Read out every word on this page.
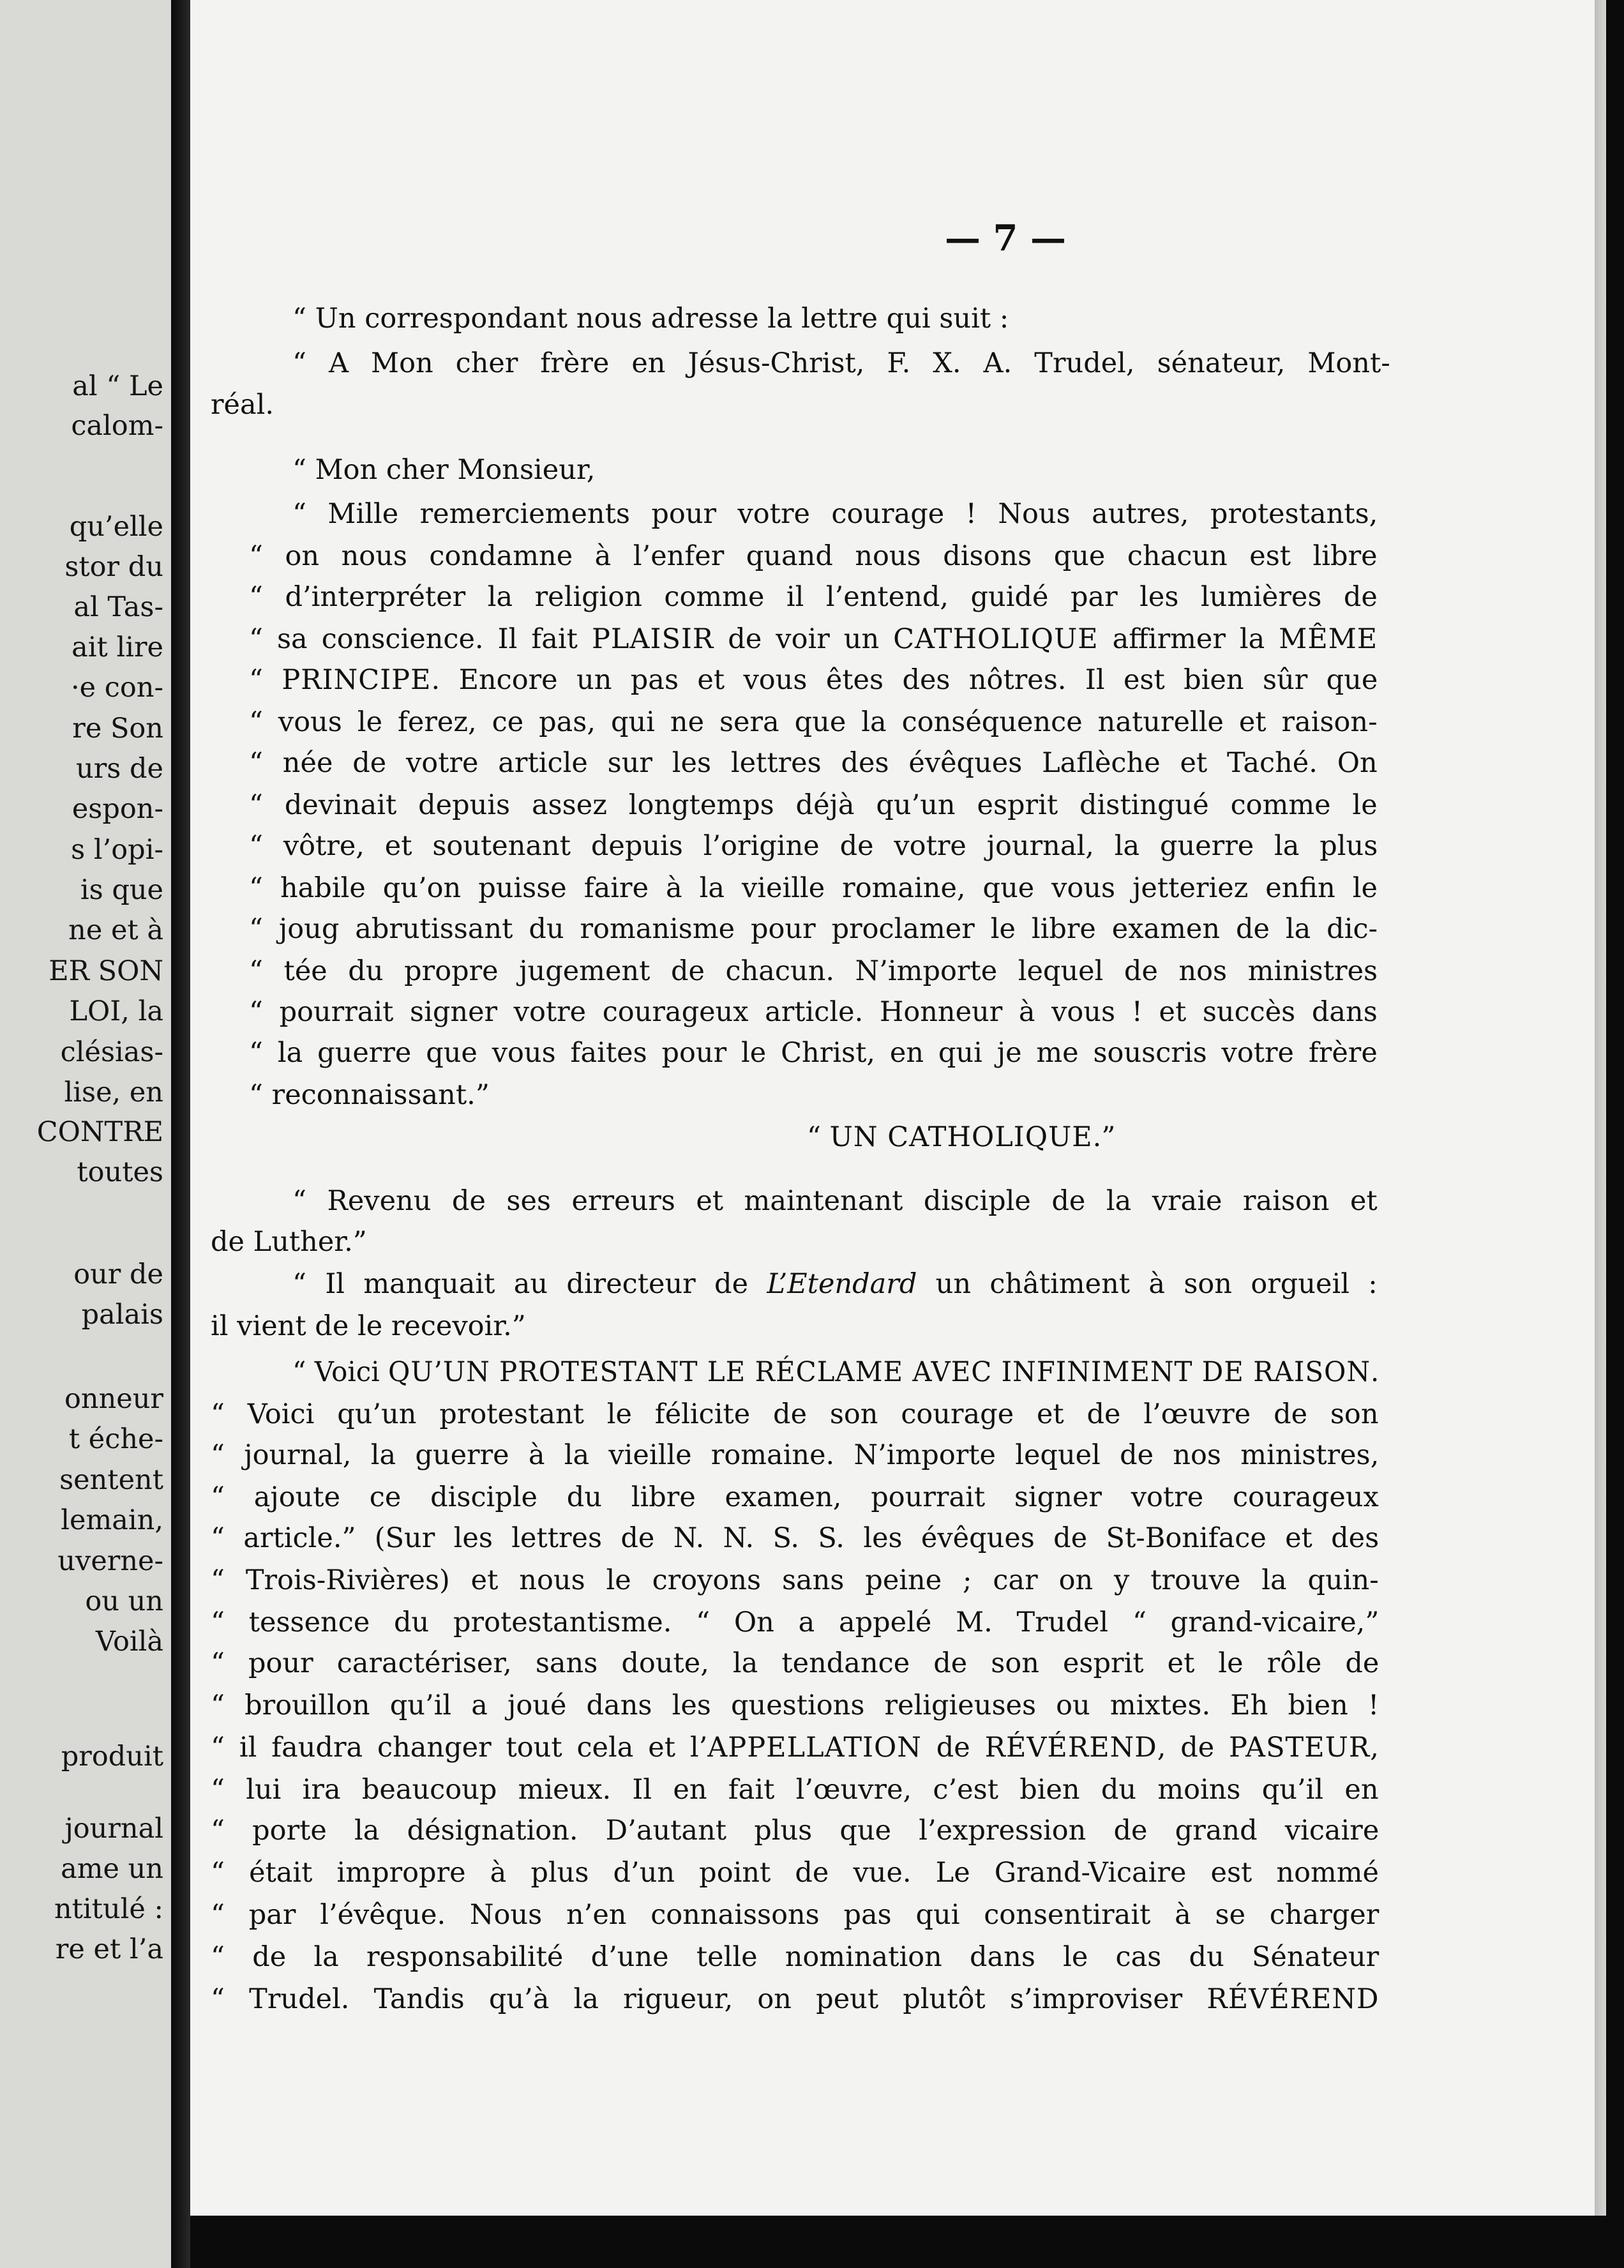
al “ Le
calom-
qu’elle
stor du
al Tas-
ait lire
·e con-
re Son
urs de
espon-
s l’opi-
is que
ne et à
ER SON
LOI, la
clésias-
lise, en
CONTRE
toutes
our de
palais
onneur
t éche-
sentent
lemain,
uverne-
ou un
Voilà
produit
journal
ame un
ntitulé :
re et l’a
— 7 —
“ Un correspondant nous adresse la lettre qui suit :
“ A Mon cher frère en Jésus-Christ, F. X. A. Trudel, sénateur, Mont-
réal.
“ Mon cher Monsieur,
“ Mille remerciements pour votre courage ! Nous autres, protestants,
“ on nous condamne à l’enfer quand nous disons que chacun est libre
“ d’interpréter la religion comme il l’entend, guidé par les lumières de
“ sa conscience. Il fait PLAISIR de voir un CATHOLIQUE affirmer la MÊME
“ PRINCIPE. Encore un pas et vous êtes des nôtres. Il est bien sûr que
“ vous le ferez, ce pas, qui ne sera que la conséquence naturelle et raison-
“ née de votre article sur les lettres des évêques Laflèche et Taché. On
“ devinait depuis assez longtemps déjà qu’un esprit distingué comme le
“ vôtre, et soutenant depuis l’origine de votre journal, la guerre la plus
“ habile qu’on puisse faire à la vieille romaine, que vous jetteriez enfin le
“ joug abrutissant du romanisme pour proclamer le libre examen de la dic-
“ tée du propre jugement de chacun. N’importe lequel de nos ministres
“ pourrait signer votre courageux article. Honneur à vous ! et succès dans
“ la guerre que vous faites pour le Christ, en qui je me souscris votre frère
“ reconnaissant.”
“ UN CATHOLIQUE.”
“ Revenu de ses erreurs et maintenant disciple de la vraie raison et
de Luther.”
“ Il manquait au directeur de L’Etendard un châtiment à son orgueil :
il vient de le recevoir.”
“ Voici QU’UN PROTESTANT LE RÉCLAME AVEC INFINIMENT DE RAISON.
“ Voici qu’un protestant le félicite de son courage et de l’œuvre de son
“ journal, la guerre à la vieille romaine. N’importe lequel de nos ministres,
“ ajoute ce disciple du libre examen, pourrait signer votre courageux
“ article.” (Sur les lettres de N. N. S. S. les évêques de St-Boniface et des
“ Trois-Rivières) et nous le croyons sans peine ; car on y trouve la quin-
“ tessence du protestantisme. “ On a appelé M. Trudel “ grand-vicaire,”
“ pour caractériser, sans doute, la tendance de son esprit et le rôle de
“ brouillon qu’il a joué dans les questions religieuses ou mixtes. Eh bien !
“ il faudra changer tout cela et l’APPELLATION de RÉVÉREND, de PASTEUR,
“ lui ira beaucoup mieux. Il en fait l’œuvre, c’est bien du moins qu’il en
“ porte la désignation. D’autant plus que l’expression de grand vicaire
“ était impropre à plus d’un point de vue. Le Grand-Vicaire est nommé
“ par l’évêque. Nous n’en connaissons pas qui consentirait à se charger
“ de la responsabilité d’une telle nomination dans le cas du Sénateur
“ Trudel. Tandis qu’à la rigueur, on peut plutôt s’improviser RÉVÉREND
